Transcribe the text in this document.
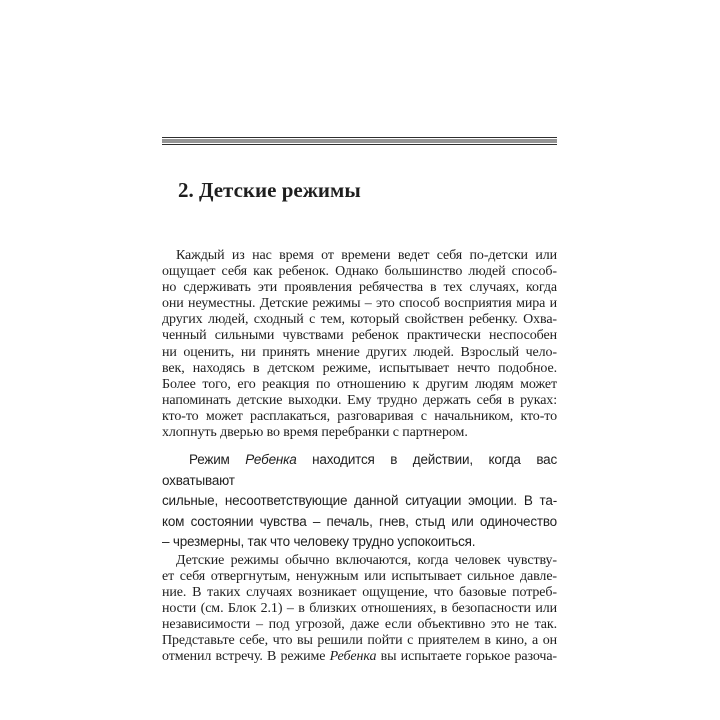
2. Детские режимы
Каждый из нас время от времени ведет себя по-детски или
ощущает себя как ребенок. Однако большинство людей способ-
но сдерживать эти проявления ребячества в тех случаях, когда
они неуместны. Детские режимы – это способ восприятия мира и
других людей, сходный с тем, который свойствен ребенку. Охва-
ченный сильными чувствами ребенок практически неспособен
ни оценить, ни принять мнение других людей. Взрослый чело-
век, находясь в детском режиме, испытывает нечто подобное.
Более того, его реакция по отношению к другим людям может
напоминать детские выходки. Ему трудно держать себя в руках:
кто-то может расплакаться, разговаривая с начальником, кто-то
хлопнуть дверью во время перебранки с партнером.
Режим Ребенка находится в действии, когда вас охватывают
сильные, несоответствующие данной ситуации эмоции. В та-
ком состоянии чувства – печаль, гнев, стыд или одиночество
– чрезмерны, так что человеку трудно успокоиться.
Детские режимы обычно включаются, когда человек чувству-
ет себя отвергнутым, ненужным или испытывает сильное давле-
ние. В таких случаях возникает ощущение, что базовые потреб-
ности (см. Блок 2.1) – в близких отношениях, в безопасности или
независимости – под угрозой, даже если объективно это не так.
Представьте себе, что вы решили пойти с приятелем в кино, а он
отменил встречу. В режиме Ребенка вы испытаете горькое разоча-
